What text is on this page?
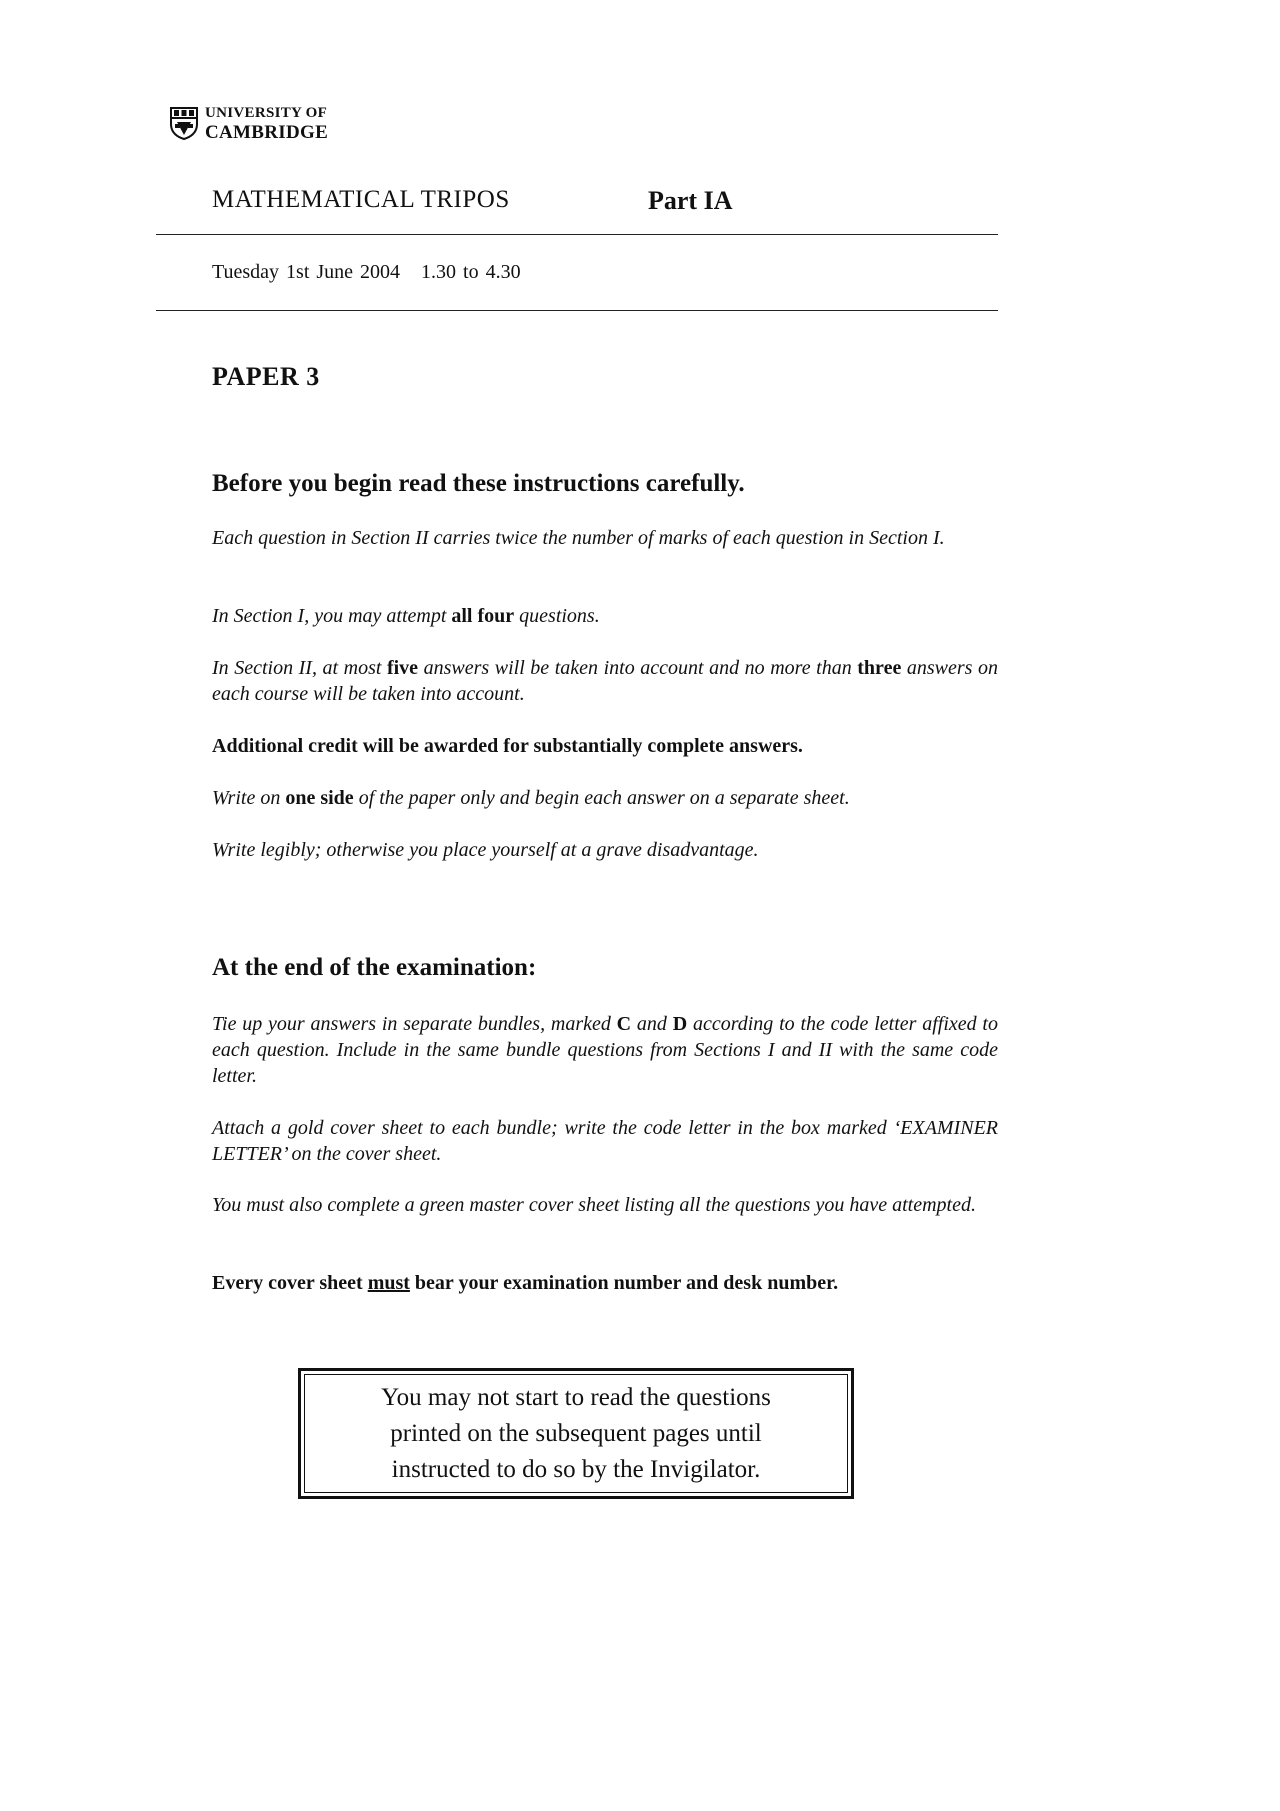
UNIVERSITY OF
CAMBRIDGE
MATHEMATICAL TRIPOS	Part IA
Tuesday 1st June 2004   1.30 to 4.30
PAPER 3
Before you begin read these instructions carefully.
Each question in Section II carries twice the number of marks of each question in Section I.
In Section I, you may attempt all four questions.
In Section II, at most five answers will be taken into account and no more than three answers on each course will be taken into account.
Additional credit will be awarded for substantially complete answers.
Write on one side of the paper only and begin each answer on a separate sheet.
Write legibly; otherwise you place yourself at a grave disadvantage.
At the end of the examination:
Tie up your answers in separate bundles, marked C and D according to the code letter affixed to each question. Include in the same bundle questions from Sections I and II with the same code letter.
Attach a gold cover sheet to each bundle; write the code letter in the box marked ‘EXAMINER LETTER’ on the cover sheet.
You must also complete a green master cover sheet listing all the questions you have attempted.
Every cover sheet must bear your examination number and desk number.
You may not start to read the questions
printed on the subsequent pages until
instructed to do so by the Invigilator.
